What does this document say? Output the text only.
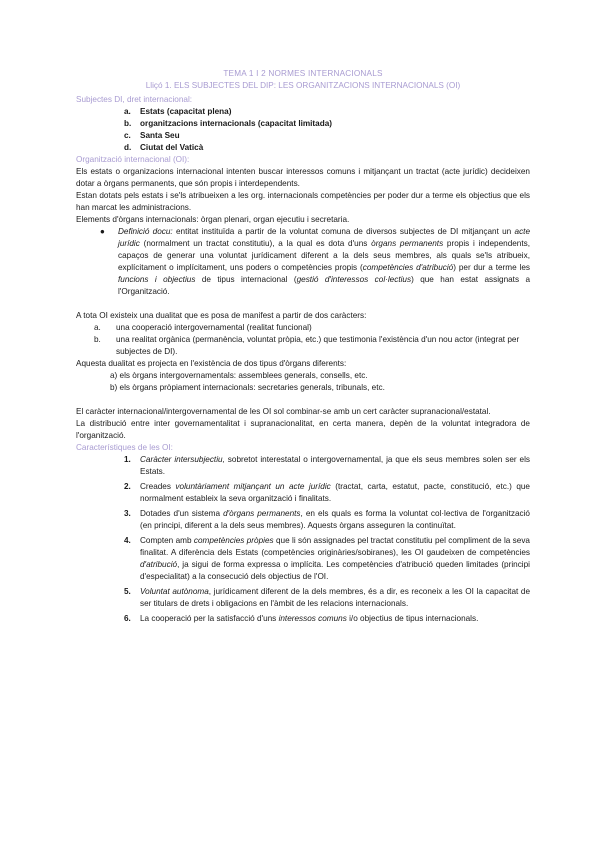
TEMA 1 I 2 NORMES INTERNACIONALS
Lliçó 1. ELS SUBJECTES DEL DIP: LES ORGANITZACIONS INTERNACIONALS (OI)
Subjectes DI, dret internacional:
a.	Estats (capacitat plena)
b.	organitzacions internacionals (capacitat limitada)
c.	Santa Seu
d.	Ciutat del Vaticà
Organització internacional (OI):

Els estats o organizacions internacional intenten buscar interessos comuns i mitjançant un tractat (acte jurídic) decideixen dotar a òrgans permanents, que són propis i interdependents.

Estan dotats pels estats i se'ls atribueixen a les org. internacionals competències per poder dur a terme els objectius que els han marcat les administracions.

Elements d'òrgans internacionals: òrgan plenari, organ ejecutiu i secretaria.

●	Definició docu: entitat instituïda a partir de la voluntat comuna de diversos subjectes de DI mitjançant un acte jurídic (normalment un tractat constitutiu), a la qual es dota d'uns òrgans permanents propis i independents, capaços de generar una voluntat jurídicament diferent a la dels seus membres, als quals se'ls atribueix, explícitament o implícitament, uns poders o competències propis (competències d'atribució) per dur a terme les funcions i objectius de tipus internacional (gestió d'interessos col·lectius) que han estat assignats a l'Organització.

A tota OI existeix una dualitat que es posa de manifest a partir de dos caràcters:

a.	una cooperació intergovernamental (realitat funcional)
b.	una realitat orgànica (permanència, voluntat pròpia, etc.) que testimonia l'existència d'un nou actor (integrat per subjectes de DI).

Aquesta dualitat es projecta en l'existència de dos tipus d'òrgans diferents:

a) els òrgans intergovernamentals: assemblees generals, consells, etc.
b) els òrgans pròpiament internacionals: secretaries generals, tribunals, etc.

El caràcter internacional/intergovernamental de les OI sol combinar-se amb un cert caràcter supranacional/estatal.

La distribució entre inter governamentalitat i supranacionalitat, en certa manera, depèn de la voluntat integradora de l'organització.

Característiques de les OI:
1.	Caràcter intersubjectiu, sobretot interestatal o intergovernamental, ja que els seus membres solen ser els Estats.
2.	Creades voluntàriament mitjançant un acte jurídic (tractat, carta, estatut, pacte, constitució, etc.) que normalment estableix la seva organització i finalitats.
3.	Dotades d'un sistema d'òrgans permanents, en els quals es forma la voluntat col·lectiva de l'organització (en principi, diferent a la dels seus membres). Aquests òrgans asseguren la continuïtat.
4.	Compten amb competències pròpies que li són assignades pel tractat constitutiu pel compliment de la seva finalitat. A diferència dels Estats (competències originàries/sobiranes), les OI gaudeixen de competències d'atribució, ja sigui de forma expressa o implícita. Les competències d'atribució queden limitades (principi d'especialitat) a la consecució dels objectius de l'OI.
5.	Voluntat autònoma, jurídicament diferent de la dels membres, és a dir, es reconeix a les OI la capacitat de ser titulars de drets i obligacions en l'àmbit de les relacions internacionals.
6.	La cooperació per la satisfacció d'uns interessos comuns i/o objectius de tipus internacionals.
